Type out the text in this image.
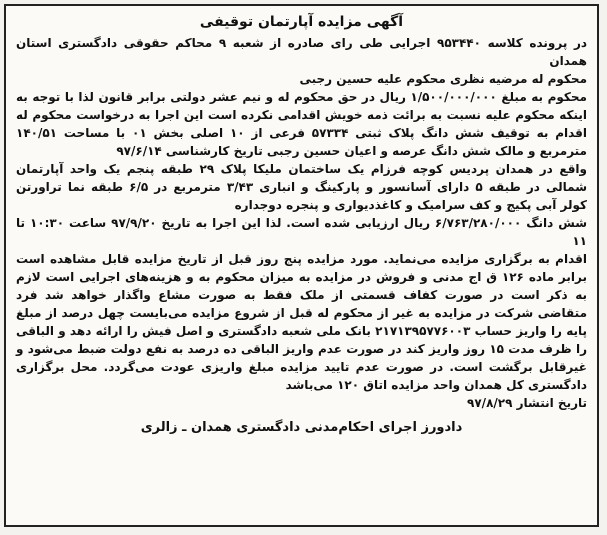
آگهی مزایده آپارتمان توقیفی

در پرونده کلاسه ۹۵۳۴۴۰ اجرایی طی رای صادره از شعبه ۹ محاکم حقوقی دادگستری استان همدان

محکوم له مرضیه نظری محکوم علیه حسین رجبی

محکوم به مبلغ ۱/۵۰۰/۰۰۰/۰۰۰ ریال در حق محکوم له و نیم عشر دولتی برابر قانون لذا با توجه به اینکه محکوم علیه نسبت به برائت ذمه خویش اقدامی نکرده است این اجرا به درخواست محکوم له اقدام به توقیف شش دانگ پلاک ثبتی ۵۷۳۳۴ فرعی از ۱۰ اصلی بخش ۰۱ با مساحت ۱۴۰/۵۱ مترمربع و مالک شش دانگ عرصه و اعیان حسین رجبی تاریخ کارشناسی ۹۷/۶/۱۴

واقع در همدان پردیس کوچه فرزام یک ساختمان ملیکا پلاک ۲۹ طبقه پنجم یک واحد آپارتمان شمالی در طبقه ۵ دارای آسانسور و پارکینگ و انباری ۳/۴۳ مترمربع در ۶/۵ طبقه نما تراورتن کولر آبی پکیج و کف سرامیک و کاغذدیواری و پنجره دوجداره

شش دانگ ۶/۷۶۳/۲۸۰/۰۰۰ ریال ارزیابی شده است. لذا این اجرا به تاریخ ۹۷/۹/۲۰ ساعت ۱۰:۳۰ تا ۱۱

اقدام به برگزاری مزایده می‌نماید. مورد مزایده پنج روز قبل از تاریخ مزایده قابل مشاهده است برابر ماده ۱۲۶ ق اج مدنی و فروش در مزایده به میزان محکوم به و هزینه‌های اجرایی است لازم به ذکر است در صورت کفاف قسمتی از ملک فقط به صورت مشاع واگذار خواهد شد فرد متقاضی شرکت در مزایده به غیر از محکوم له قبل از شروع مزایده می‌بایست چهل درصد از مبلغ پایه را واریز حساب ۲۱۷۱۳۹۵۷۷۶۰۰۳ بانک ملی شعبه دادگستری و اصل فیش را ارائه دهد و الباقی را ظرف مدت ۱۵ روز واریز کند در صورت عدم واریز الباقی ده درصد به نفع دولت ضبط می‌شود و غیرقابل برگشت است. در صورت عدم تایید مزایده مبلغ واریزی عودت می‌گردد. محل برگزاری دادگستری کل همدان واحد مزایده اتاق ۱۲۰ می‌باشد

تاریخ انتشار ۹۷/۸/۲۹

دادورز اجرای احکام‌مدنی دادگستری همدان ـ زالری
